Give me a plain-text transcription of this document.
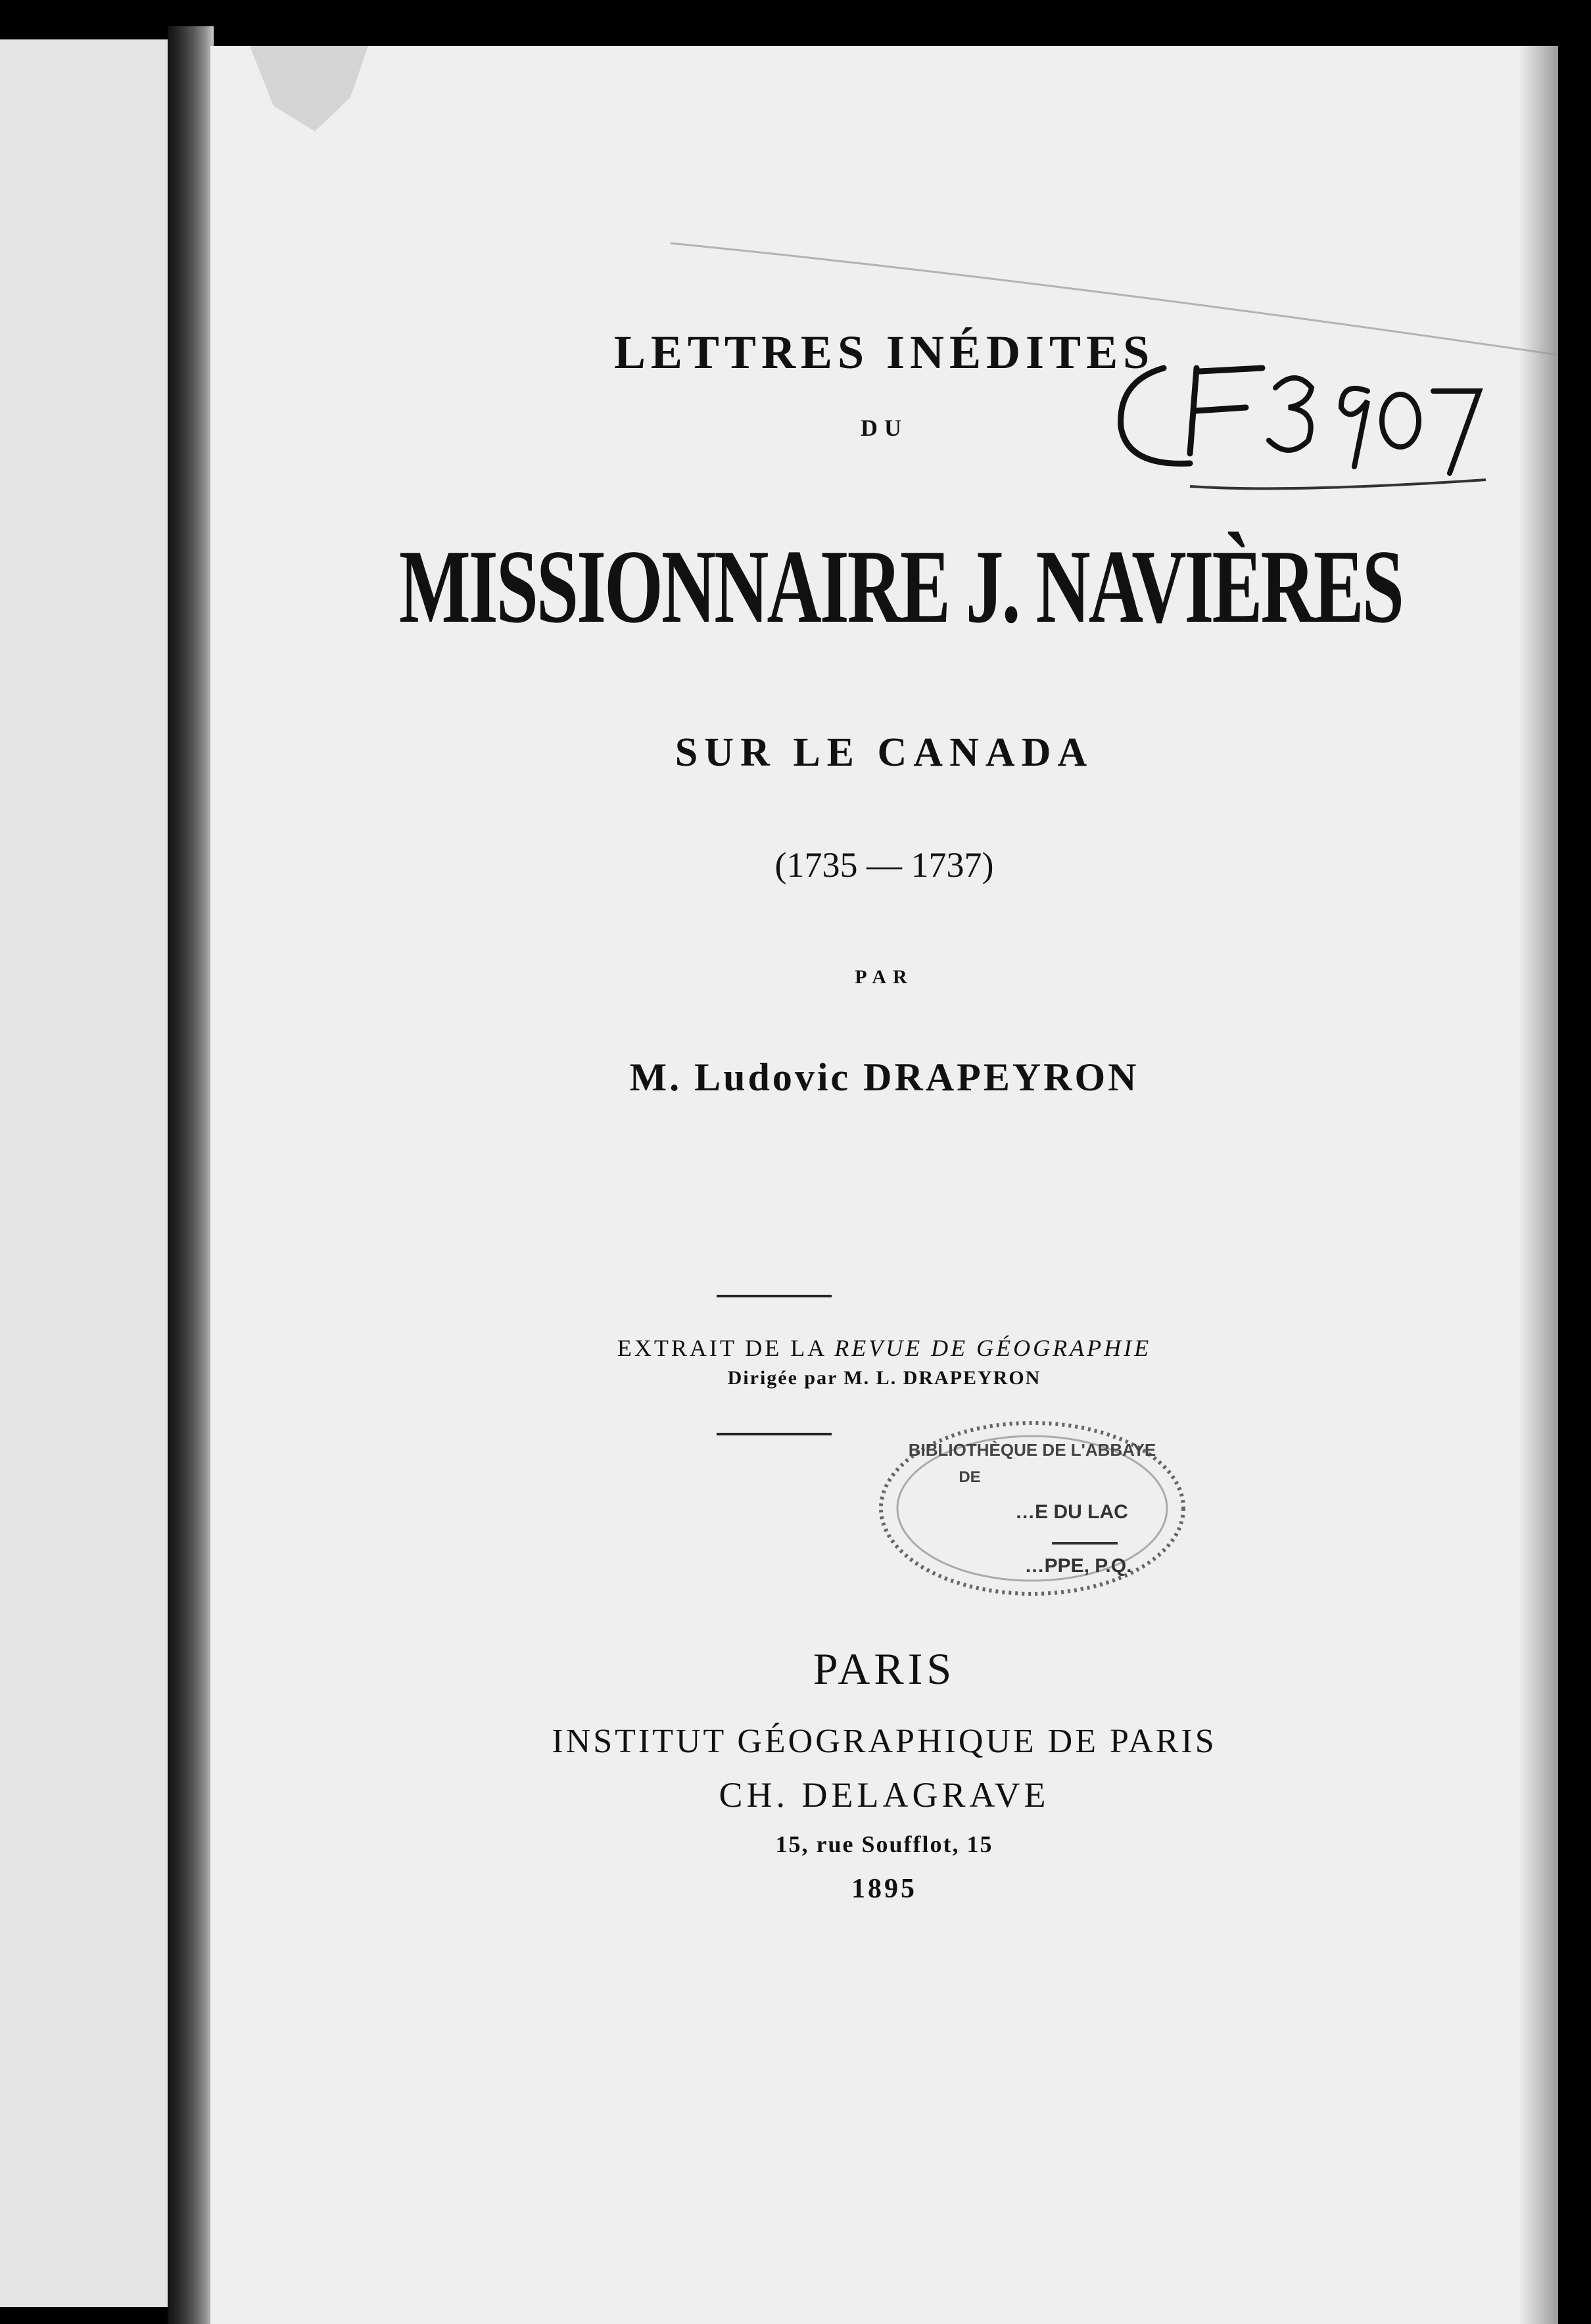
LETTRES INÉDITES

DU

MISSIONNAIRE J. NAVIÈRES

SUR LE CANADA

(1735 — 1737)

PAR

M. Ludovic DRAPEYRON

EXTRAIT DE LA REVUE DE GÉOGRAPHIE

Dirigée par M. L. DRAPEYRON

BIBLIOTHÈQUE DE L'ABBAYE
DE
…E DU LAC
…PPE, P.Q.

PARIS

INSTITUT GÉOGRAPHIQUE DE PARIS

CH. DELAGRAVE

15, rue Soufflot, 15

1895
